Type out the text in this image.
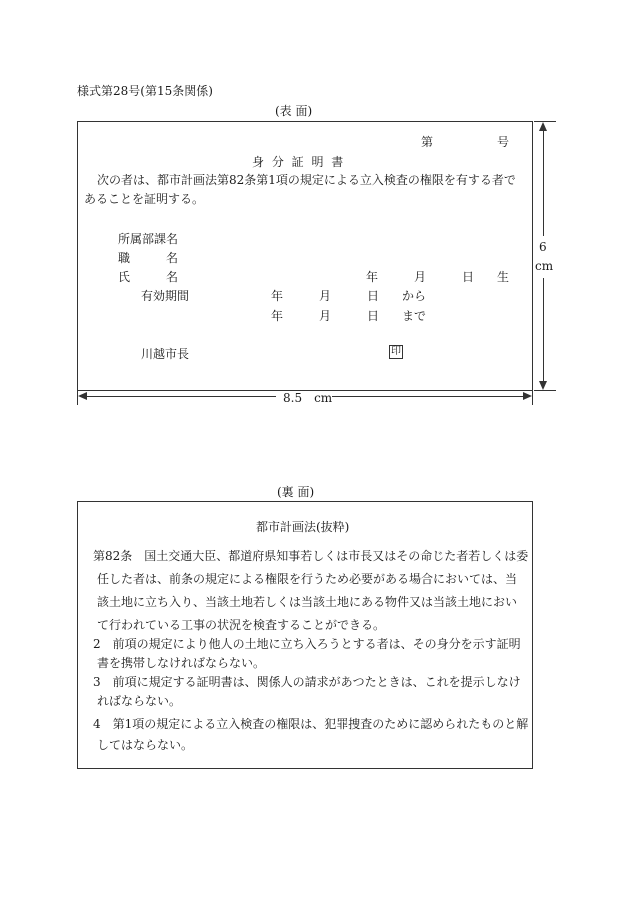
様式第28号(第15条関係)
(表 面)
第	号
身 分 証 明 書
次の者は、都市計画法第82条第1項の規定による立入検査の権限を有する者で
あることを証明する。
所属部課名
職　　　名
氏　　　名	年	月	日 生
有効期間	年	月	日 から
年	月	日 まで
川越市長	印
6
cm
8.5　cm
(裏 面)
都市計画法(抜粋)
第82条　国土交通大臣、都道府県知事若しくは市長又はその命じた者若しくは委
任した者は、前条の規定による権限を行うため必要がある場合においては、当
該土地に立ち入り、当該土地若しくは当該土地にある物件又は当該土地におい
て行われている工事の状況を検査することができる。
2　前項の規定により他人の土地に立ち入ろうとする者は、その身分を示す証明
書を携帯しなければならない。
3　前項に規定する証明書は、関係人の請求があつたときは、これを提示しなけ
ればならない。
4　第1項の規定による立入検査の権限は、犯罪捜査のために認められたものと解
してはならない。
